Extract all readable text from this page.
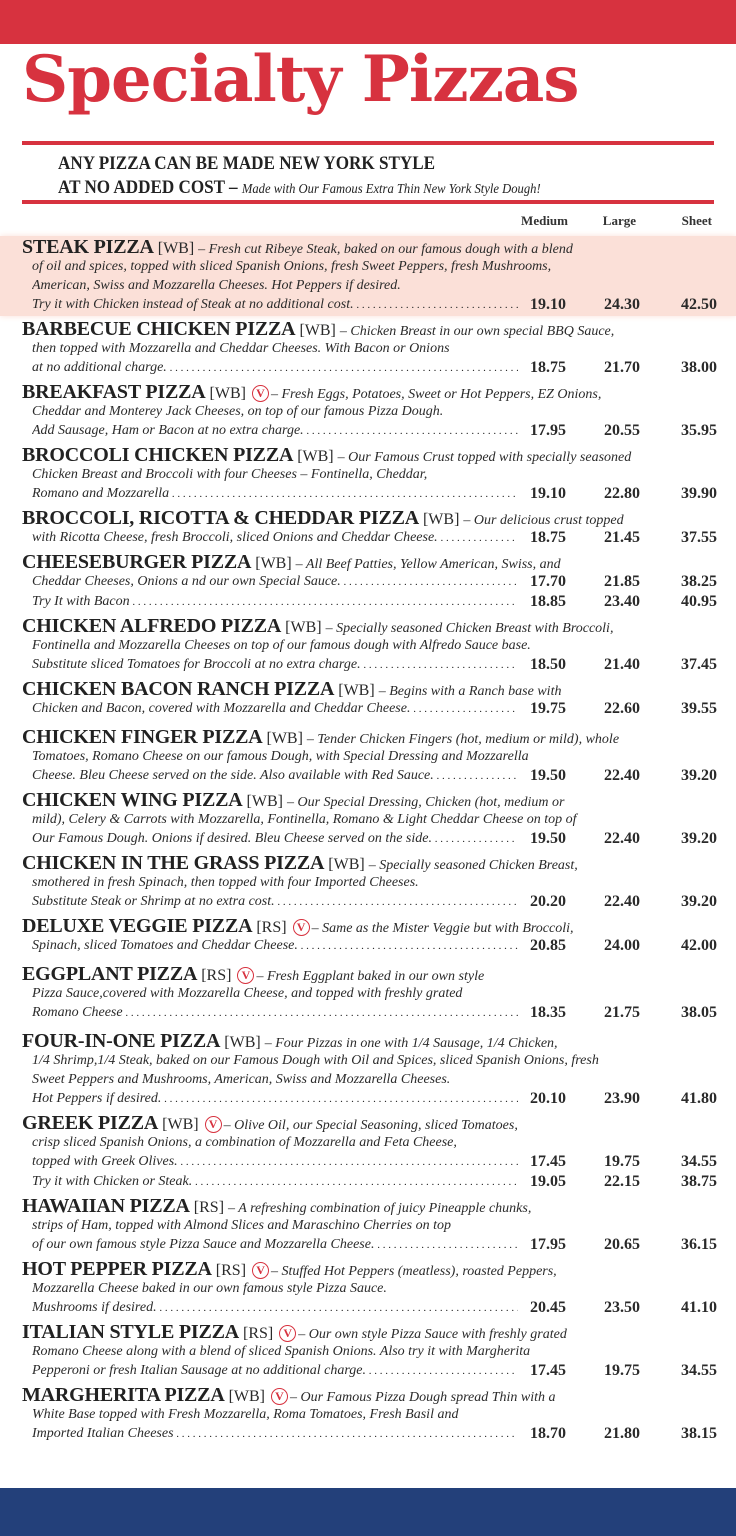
Specialty Pizzas
ANY PIZZA CAN BE MADE NEW YORK STYLE
AT NO ADDED COST – Made with Our Famous Extra Thin New York Style Dough!
Medium	Large	Sheet
STEAK PIZZA [WB] – Fresh cut Ribeye Steak, baked on our famous dough with a blend
of oil and spices, topped with sliced Spanish Onions, fresh Sweet Peppers, fresh Mushrooms,
American, Swiss and Mozzarella Cheeses. Hot Peppers if desired.
Try it with Chicken instead of Steak at no additional cost. . . .	19.10	24.30	42.50
BARBECUE CHICKEN PIZZA [WB] – Chicken Breast in our own special BBQ Sauce,
then topped with Mozzarella and Cheddar Cheeses. With Bacon or Onions
at no additional charge. . . .	18.75	21.70	38.00
BREAKFAST PIZZA [WB] V – Fresh Eggs, Potatoes, Sweet or Hot Peppers, EZ Onions,
Cheddar and Monterey Jack Cheeses, on top of our famous Pizza Dough.
Add Sausage, Ham or Bacon at no extra charge. . . .	17.95	20.55	35.95
BROCCOLI CHICKEN PIZZA [WB] – Our Famous Crust topped with specially seasoned
Chicken Breast and Broccoli with four Cheeses – Fontinella, Cheddar,
Romano and Mozzarella . . .	19.10	22.80	39.90
BROCCOLI, RICOTTA & CHEDDAR PIZZA [WB] – Our delicious crust topped
with Ricotta Cheese, fresh Broccoli, sliced Onions and Cheddar Cheese. . . .	18.75	21.45	37.55
CHEESEBURGER PIZZA [WB] – All Beef Patties, Yellow American, Swiss, and
Cheddar Cheeses, Onions a nd our own Special Sauce. . . .	17.70	21.85	38.25
Try It with Bacon . . .	18.85	23.40	40.95
CHICKEN ALFREDO PIZZA [WB] – Specially seasoned Chicken Breast with Broccoli,
Fontinella and Mozzarella Cheeses on top of our famous dough with Alfredo Sauce base.
Substitute sliced Tomatoes for Broccoli at no extra charge. . . .	18.50	21.40	37.45
CHICKEN BACON RANCH PIZZA [WB] – Begins with a Ranch base with
Chicken and Bacon, covered with Mozzarella and Cheddar Cheese. . . .	19.75	22.60	39.55
CHICKEN FINGER PIZZA [WB] – Tender Chicken Fingers (hot, medium or mild), whole
Tomatoes, Romano Cheese on our famous Dough, with Special Dressing and Mozzarella
Cheese. Bleu Cheese served on the side. Also available with Red Sauce. . . .	19.50	22.40	39.20
CHICKEN WING PIZZA [WB] – Our Special Dressing, Chicken (hot, medium or
mild), Celery & Carrots with Mozzarella, Fontinella, Romano & Light Cheddar Cheese on top of
Our Famous Dough. Onions if desired. Bleu Cheese served on the side. . . .	19.50	22.40	39.20
CHICKEN IN THE GRASS PIZZA [WB] – Specially seasoned Chicken Breast,
smothered in fresh Spinach, then topped with four Imported Cheeses.
Substitute Steak or Shrimp at no extra cost. . . .	20.20	22.40	39.20
DELUXE VEGGIE PIZZA [RS] V – Same as the Mister Veggie but with Broccoli,
Spinach, sliced Tomatoes and Cheddar Cheese. . . .	20.85	24.00	42.00
EGGPLANT PIZZA [RS] V – Fresh Eggplant baked in our own style
Pizza Sauce,covered with Mozzarella Cheese, and topped with freshly grated
Romano Cheese . . .	18.35	21.75	38.05
FOUR-IN-ONE PIZZA [WB] – Four Pizzas in one with 1/4 Sausage, 1/4 Chicken,
1/4 Shrimp,1/4 Steak, baked on our Famous Dough with Oil and Spices, sliced Spanish Onions, fresh
Sweet Peppers and Mushrooms, American, Swiss and Mozzarella Cheeses.
Hot Peppers if desired. . . .	20.10	23.90	41.80
GREEK PIZZA [WB] V – Olive Oil, our Special Seasoning, sliced Tomatoes,
crisp sliced Spanish Onions, a combination of Mozzarella and Feta Cheese,
topped with Greek Olives. . . .	17.45	19.75	34.55
Try it with Chicken or Steak. . . .	19.05	22.15	38.75
HAWAIIAN PIZZA [RS] – A refreshing combination of juicy Pineapple chunks,
strips of Ham, topped with Almond Slices and Maraschino Cherries on top
of our own famous style Pizza Sauce and Mozzarella Cheese. . . .	17.95	20.65	36.15
HOT PEPPER PIZZA [RS] V – Stuffed Hot Peppers (meatless), roasted Peppers,
Mozzarella Cheese baked in our own famous style Pizza Sauce.
Mushrooms if desired. . . .	20.45	23.50	41.10
ITALIAN STYLE PIZZA [RS] V – Our own style Pizza Sauce with freshly grated
Romano Cheese along with a blend of sliced Spanish Onions. Also try it with Margherita
Pepperoni or fresh Italian Sausage at no additional charge. . . .	17.45	19.75	34.55
MARGHERITA PIZZA [WB] V – Our Famous Pizza Dough spread Thin with a
White Base topped with Fresh Mozzarella, Roma Tomatoes, Fresh Basil and
Imported Italian Cheeses . . .	18.70	21.80	38.15
